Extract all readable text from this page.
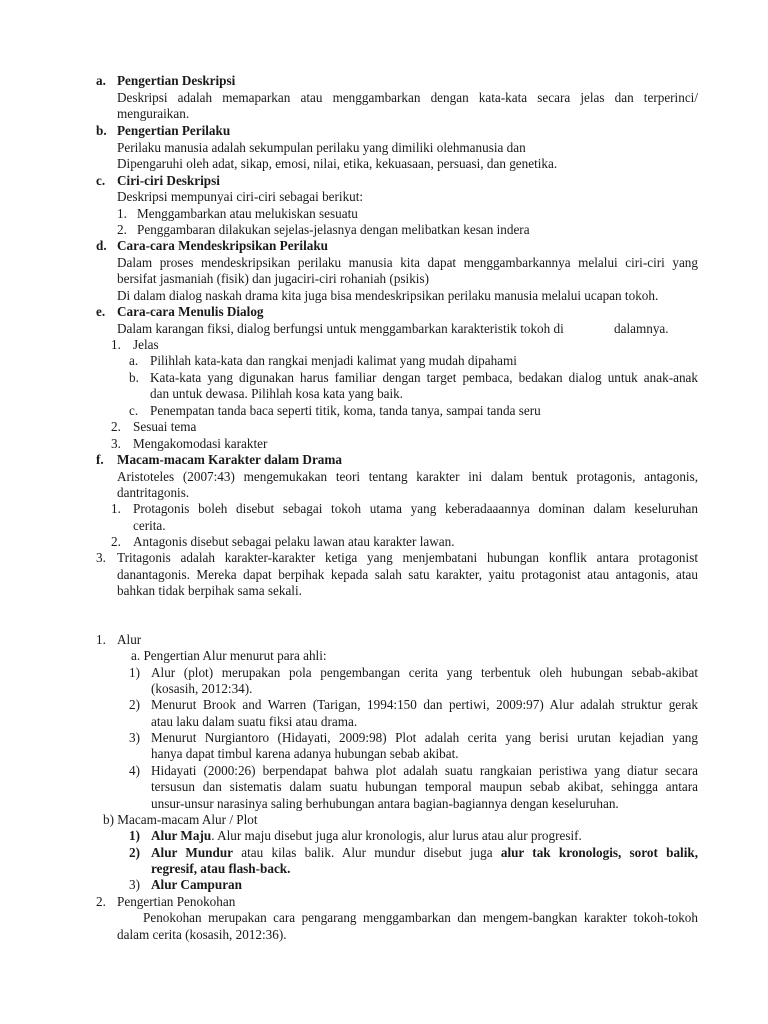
a. Pengertian Deskripsi
Deskripsi adalah memaparkan atau menggambarkan dengan kata-kata secara jelas dan terperinci/
menguraikan.
b. Pengertian Perilaku
Perilaku manusia adalah sekumpulan perilaku yang dimiliki olehmanusia dan
Dipengaruhi oleh adat, sikap, emosi, nilai, etika, kekuasaan, persuasi, dan genetika.
c. Ciri-ciri Deskripsi
Deskripsi mempunyai ciri-ciri sebagai berikut:
1. Menggambarkan atau melukiskan sesuatu
2. Penggambaran dilakukan sejelas-jelasnya dengan melibatkan kesan indera
d. Cara-cara Mendeskripsikan Perilaku
Dalam proses mendeskripsikan perilaku manusia kita dapat menggambarkannya melalui ciri-ciri yang
bersifat jasmaniah (fisik) dan jugaciri-ciri rohaniah (psikis)
Di dalam dialog naskah drama kita juga bisa mendeskripsikan perilaku manusia melalui ucapan tokoh.
e. Cara-cara Menulis Dialog
Dalam karangan fiksi, dialog berfungsi untuk menggambarkan karakteristik tokoh di	dalamnya.
1. Jelas
a. Pilihlah kata-kata dan rangkai menjadi kalimat yang mudah dipahami
b. Kata-kata yang digunakan harus familiar dengan target pembaca, bedakan dialog untuk anak-anak
dan untuk dewasa. Pilihlah kosa kata yang baik.
c. Penempatan tanda baca seperti titik, koma, tanda tanya, sampai tanda seru
2. Sesuai tema
3. Mengakomodasi karakter
f. Macam-macam Karakter dalam Drama
Aristoteles (2007:43) mengemukakan teori tentang karakter ini dalam bentuk protagonis, antagonis,
dantritagonis.
1. Protagonis boleh disebut sebagai tokoh utama yang keberadaaannya dominan dalam keseluruhan
cerita.
2. Antagonis disebut sebagai pelaku lawan atau karakter lawan.
3. Tritagonis adalah karakter-karakter ketiga yang menjembatani hubungan konflik antara protagonist
danantagonis. Mereka dapat berpihak kepada salah satu karakter, yaitu protagonist atau antagonis, atau
bahkan tidak berpihak sama sekali.
1. Alur
a. Pengertian Alur menurut para ahli:
1) Alur (plot) merupakan pola pengembangan cerita yang terbentuk oleh hubungan sebab-akibat
(kosasih, 2012:34).
2) Menurut Brook and Warren (Tarigan, 1994:150 dan pertiwi, 2009:97) Alur adalah struktur gerak
atau laku dalam suatu fiksi atau drama.
3) Menurut Nurgiantoro (Hidayati, 2009:98) Plot adalah cerita yang berisi urutan kejadian yang
hanya dapat timbul karena adanya hubungan sebab akibat.
4) Hidayati (2000:26) berpendapat bahwa plot adalah suatu rangkaian peristiwa yang diatur secara
tersusun dan sistematis dalam suatu hubungan temporal maupun sebab akibat, sehingga antara
unsur-unsur narasinya saling berhubungan antara bagian-bagiannya dengan keseluruhan.
b) Macam-macam Alur / Plot
1) Alur Maju. Alur maju disebut juga alur kronologis, alur lurus atau alur progresif.
2) Alur Mundur atau kilas balik. Alur mundur disebut juga alur tak kronologis, sorot balik,
regresif, atau flash-back.
3) Alur Campuran
2. Pengertian Penokohan
Penokohan merupakan cara pengarang menggambarkan dan mengem-bangkan karakter tokoh-tokoh
dalam cerita (kosasih, 2012:36).
